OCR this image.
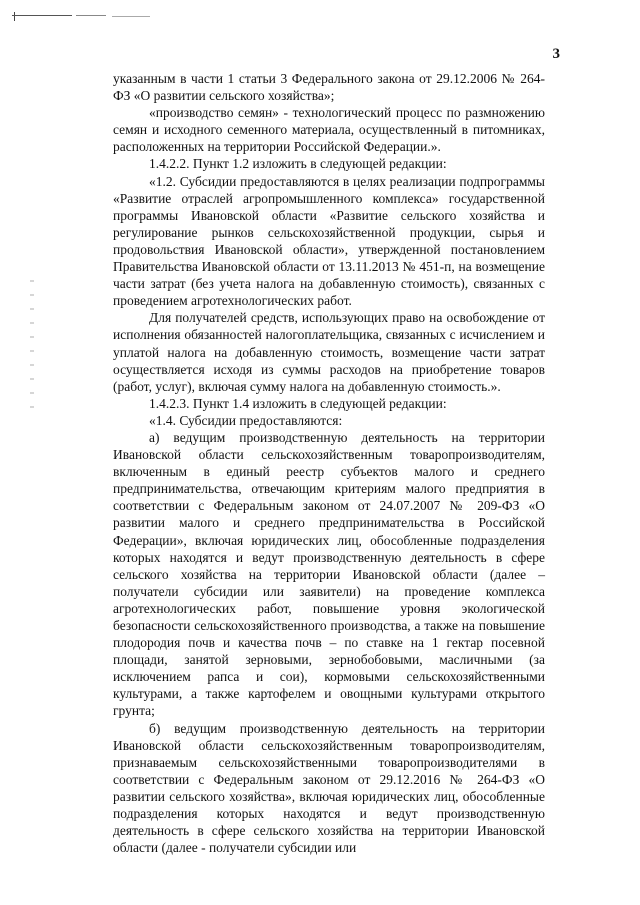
3

указанным в части 1 статьи 3 Федерального закона от 29.12.2006 № 264-ФЗ «О развитии сельского хозяйства»;

«производство семян» - технологический процесс по размножению семян и исходного семенного материала, осуществленный в питомниках, расположенных на территории Российской Федерации.».

1.4.2.2. Пункт 1.2 изложить в следующей редакции:

«1.2. Субсидии предоставляются в целях реализации подпрограммы «Развитие отраслей агропромышленного комплекса» государственной программы Ивановской области «Развитие сельского хозяйства и регулирование рынков сельскохозяйственной продукции, сырья и продовольствия Ивановской области», утвержденной постановлением Правительства Ивановской области от 13.11.2013 № 451-п, на возмещение части затрат (без учета налога на добавленную стоимость), связанных с проведением агротехнологических работ.

Для получателей средств, использующих право на освобождение от исполнения обязанностей налогоплательщика, связанных с исчислением и уплатой налога на добавленную стоимость, возмещение части затрат осуществляется исходя из суммы расходов на приобретение товаров (работ, услуг), включая сумму налога на добавленную стоимость.».

1.4.2.3. Пункт 1.4 изложить в следующей редакции:

«1.4. Субсидии предоставляются:

а) ведущим производственную деятельность на территории Ивановской области сельскохозяйственным товаропроизводителям, включенным в единый реестр субъектов малого и среднего предпринимательства, отвечающим критериям малого предприятия в соответствии с Федеральным законом от 24.07.2007 № 209-ФЗ «О развитии малого и среднего предпринимательства в Российской Федерации», включая юридических лиц, обособленные подразделения которых находятся и ведут производственную деятельность в сфере сельского хозяйства на территории Ивановской области (далее – получатели субсидии или заявители) на проведение комплекса агротехнологических работ, повышение уровня экологической безопасности сельскохозяйственного производства, а также на повышение плодородия почв и качества почв – по ставке на 1 гектар посевной площади, занятой зерновыми, зернобобовыми, масличными (за исключением рапса и сои), кормовыми сельскохозяйственными культурами, а также картофелем и овощными культурами открытого грунта;

б) ведущим производственную деятельность на территории Ивановской области сельскохозяйственным товаропроизводителям, признаваемым сельскохозяйственными товаропроизводителями в соответствии с Федеральным законом от 29.12.2016 № 264-ФЗ «О развитии сельского хозяйства», включая юридических лиц, обособленные подразделения которых находятся и ведут производственную деятельность в сфере сельского хозяйства на территории Ивановской области (далее - получатели субсидии или
